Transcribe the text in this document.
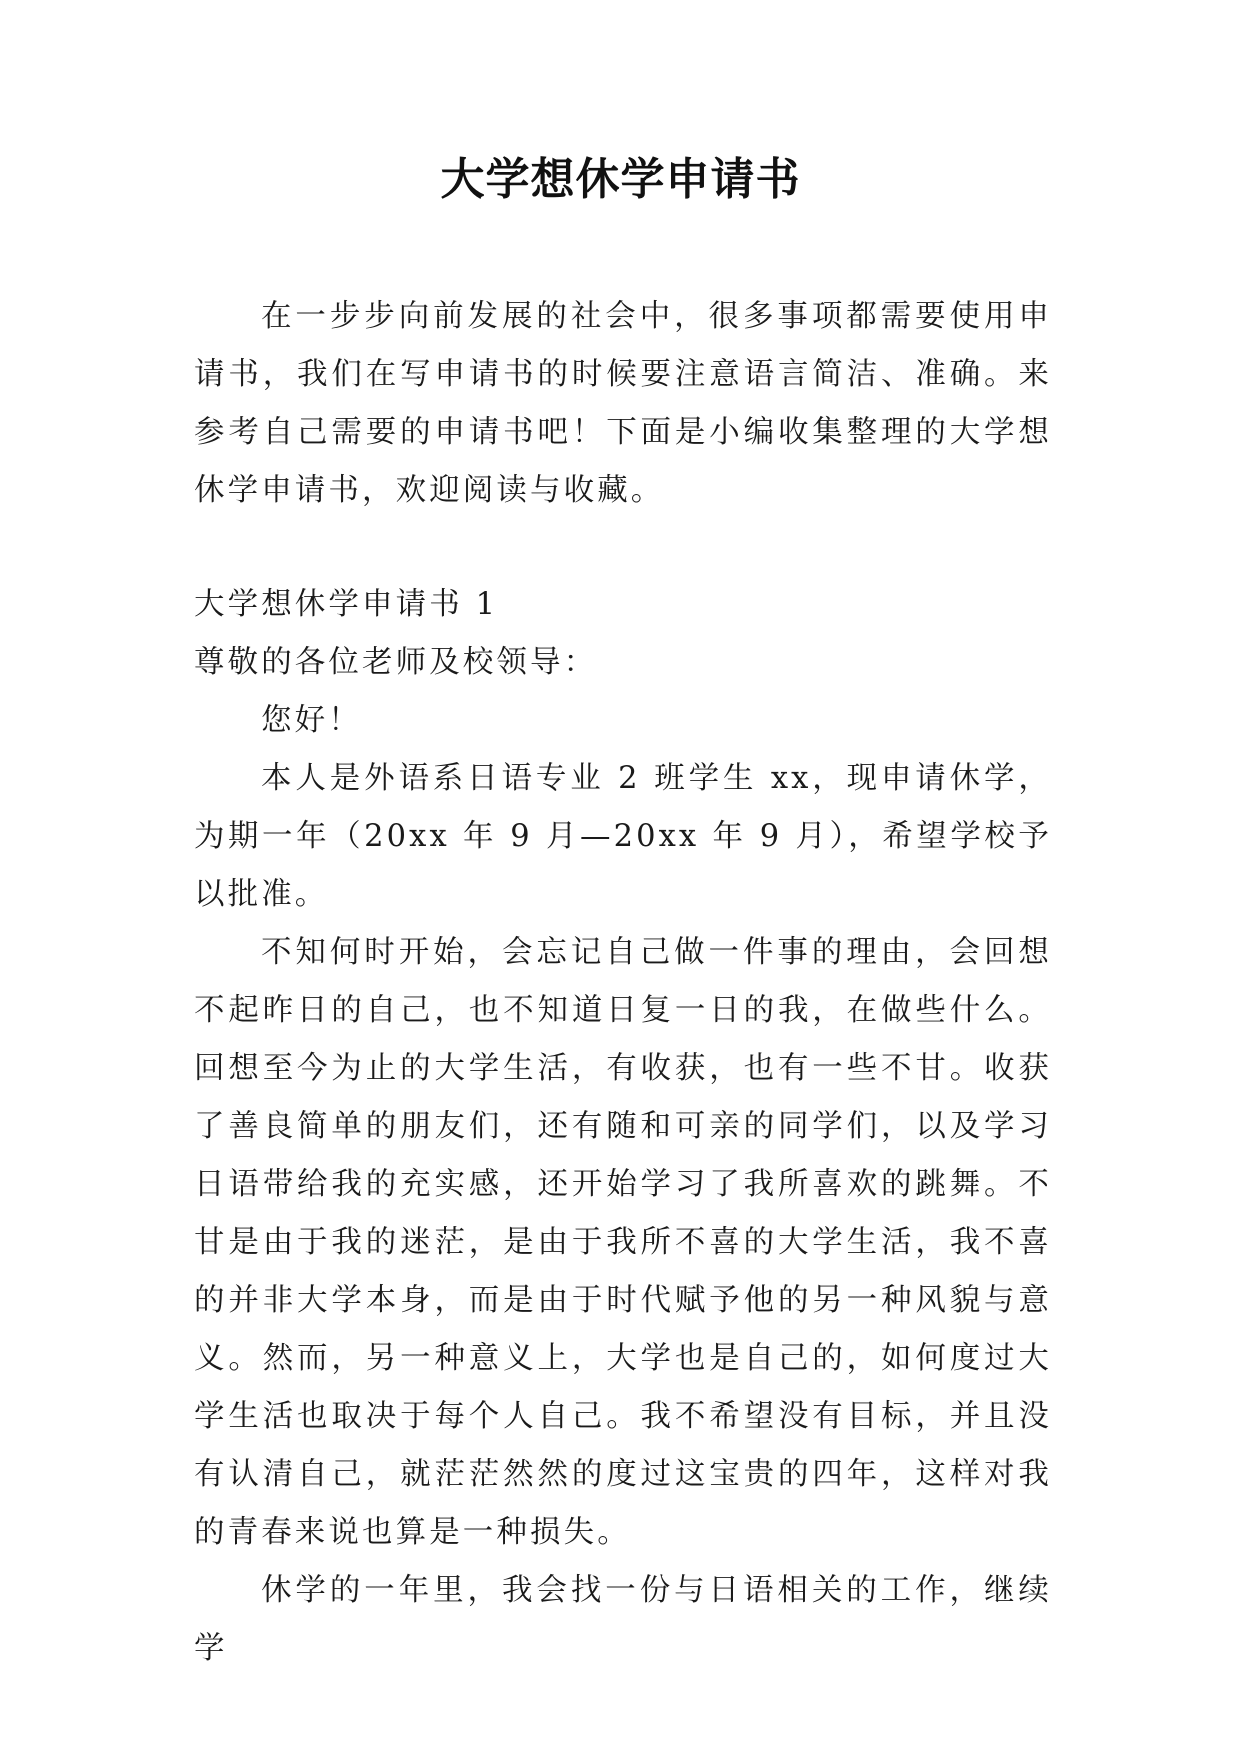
大学想休学申请书

在一步步向前发展的社会中，很多事项都需要使用申请书，我们在写申请书的时候要注意语言简洁、准确。来参考自己需要的申请书吧！下面是小编收集整理的大学想休学申请书，欢迎阅读与收藏。

大学想休学申请书 1

尊敬的各位老师及校领导：

您好！

本人是外语系日语专业 2 班学生 xx，现申请休学，为期一年（20xx 年 9 月—20xx 年 9 月），希望学校予以批准。

不知何时开始，会忘记自己做一件事的理由，会回想不起昨日的自己，也不知道日复一日的我，在做些什么。回想至今为止的大学生活，有收获，也有一些不甘。收获了善良简单的朋友们，还有随和可亲的同学们，以及学习日语带给我的充实感，还开始学习了我所喜欢的跳舞。不甘是由于我的迷茫，是由于我所不喜的大学生活，我不喜的并非大学本身，而是由于时代赋予他的另一种风貌与意义。然而，另一种意义上，大学也是自己的，如何度过大学生活也取决于每个人自己。我不希望没有目标，并且没有认清自己，就茫茫然然的度过这宝贵的四年，这样对我的青春来说也算是一种损失。

休学的一年里，我会找一份与日语相关的工作，继续学
